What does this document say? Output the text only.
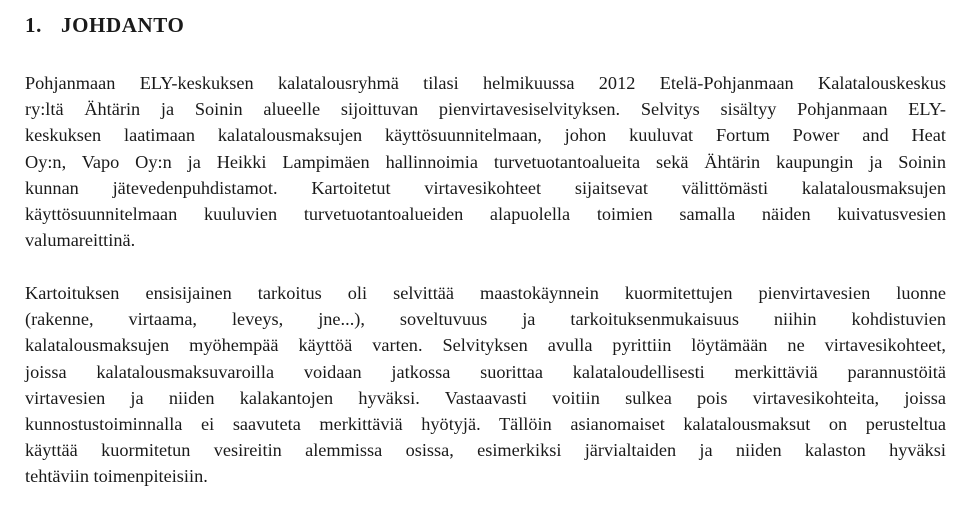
1. JOHDANTO
Pohjanmaan ELY-keskuksen kalatalousryhmä tilasi helmikuussa 2012 Etelä-Pohjanmaan Kalatalouskeskus
ry:ltä Ähtärin ja Soinin alueelle sijoittuvan pienvirtavesiselvityksen. Selvitys sisältyy Pohjanmaan ELY-
keskuksen laatimaan kalatalousmaksujen käyttösuunnitelmaan, johon kuuluvat Fortum Power and Heat
Oy:n, Vapo Oy:n ja Heikki Lampimäen hallinnoimia turvetuotantoalueita sekä Ähtärin kaupungin ja Soinin
kunnan jätevedenpuhdistamot. Kartoitetut virtavesikohteet sijaitsevat välittömästi kalatalousmaksujen
käyttösuunnitelmaan kuuluvien turvetuotantoalueiden alapuolella toimien samalla näiden kuivatusvesien
valumareittinä.
Kartoituksen ensisijainen tarkoitus oli selvittää maastokäynnein kuormitettujen pienvirtavesien luonne
(rakenne, virtaama, leveys, jne...), soveltuvuus ja tarkoituksenmukaisuus niihin kohdistuvien
kalatalousmaksujen myöhempää käyttöä varten. Selvityksen avulla pyrittiin löytämään ne virtavesikohteet,
joissa kalatalousmaksuvaroilla voidaan jatkossa suorittaa kalataloudellisesti merkittäviä parannustöitä
virtavesien ja niiden kalakantojen hyväksi. Vastaavasti voitiin sulkea pois virtavesikohteita, joissa
kunnostustoiminnalla ei saavuteta merkittäviä hyötyjä. Tällöin asianomaiset kalatalousmaksut on perusteltua
käyttää kuormitetun vesireitin alemmissa osissa, esimerkiksi järvialtaiden ja niiden kalaston hyväksi
tehtäviin toimenpiteisiin.
